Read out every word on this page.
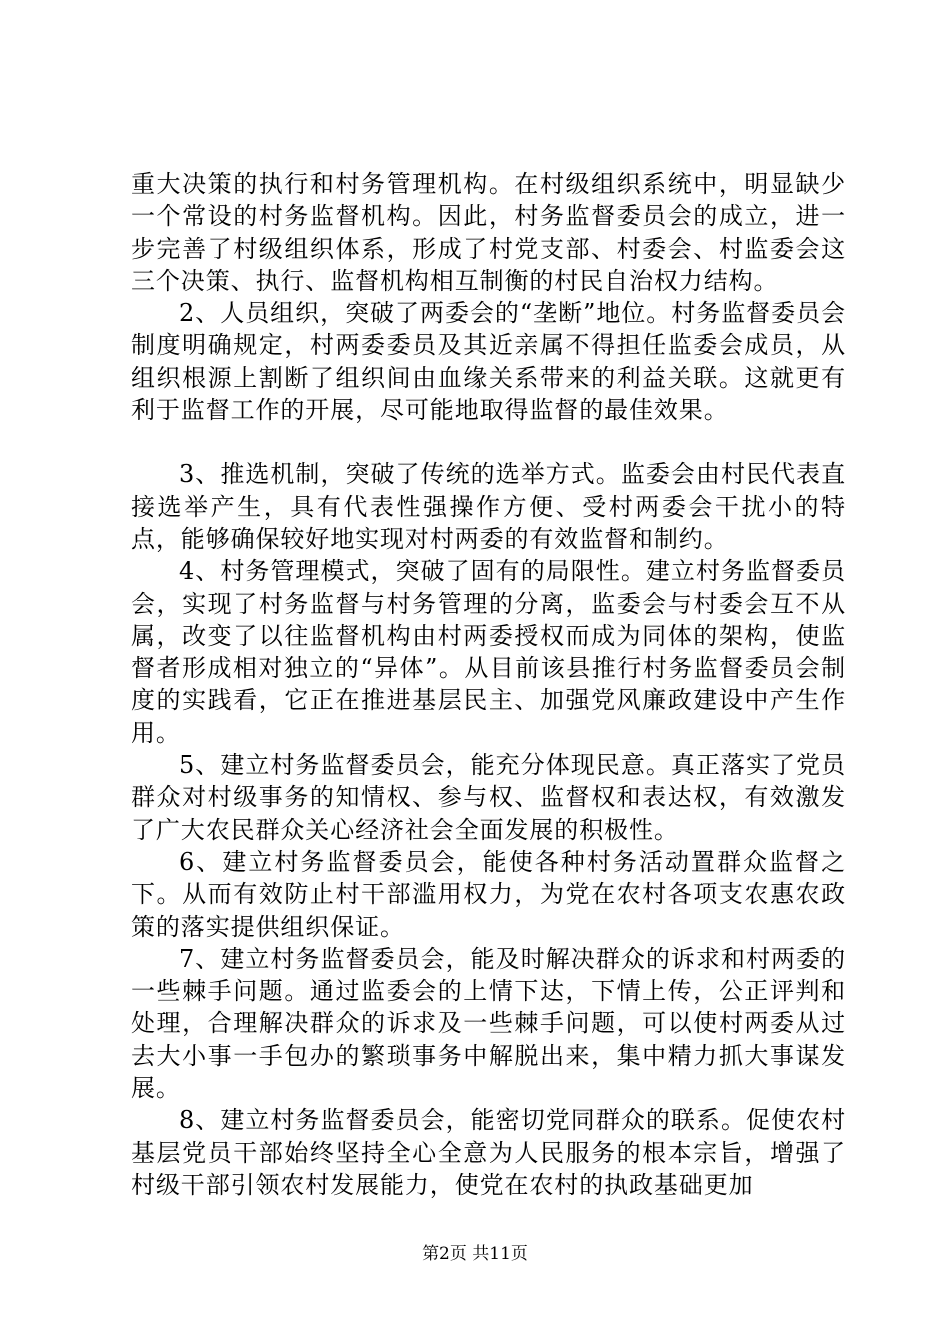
重大决策的执行和村务管理机构。在村级组织系统中，明显缺少一个常设的村务监督机构。因此，村务监督委员会的成立，进一步完善了村级组织体系，形成了村党支部、村委会、村监委会这三个决策、执行、监督机构相互制衡的村民自治权力结构。

2、人员组织，突破了两委会的“垄断”地位。村务监督委员会制度明确规定，村两委委员及其近亲属不得担任监委会成员，从组织根源上割断了组织间由血缘关系带来的利益关联。这就更有利于监督工作的开展，尽可能地取得监督的最佳效果。

3、推选机制，突破了传统的选举方式。监委会由村民代表直接选举产生，具有代表性强操作方便、受村两委会干扰小的特点，能够确保较好地实现对村两委的有效监督和制约。

4、村务管理模式，突破了固有的局限性。建立村务监督委员会，实现了村务监督与村务管理的分离，监委会与村委会互不从属，改变了以往监督机构由村两委授权而成为同体的架构，使监督者形成相对独立的“异体”。从目前该县推行村务监督委员会制度的实践看，它正在推进基层民主、加强党风廉政建设中产生作用。

5、建立村务监督委员会，能充分体现民意。真正落实了党员群众对村级事务的知情权、参与权、监督权和表达权，有效激发了广大农民群众关心经济社会全面发展的积极性。

6、建立村务监督委员会，能使各种村务活动置群众监督之下。从而有效防止村干部滥用权力，为党在农村各项支农惠农政策的落实提供组织保证。

7、建立村务监督委员会，能及时解决群众的诉求和村两委的一些棘手问题。通过监委会的上情下达，下情上传，公正评判和处理，合理解决群众的诉求及一些棘手问题，可以使村两委从过去大小事一手包办的繁琐事务中解脱出来，集中精力抓大事谋发展。

8、建立村务监督委员会，能密切党同群众的联系。促使农村基层党员干部始终坚持全心全意为人民服务的根本宗旨，增强了村级干部引领农村发展能力，使党在农村的执政基础更加

第2页 共11页
